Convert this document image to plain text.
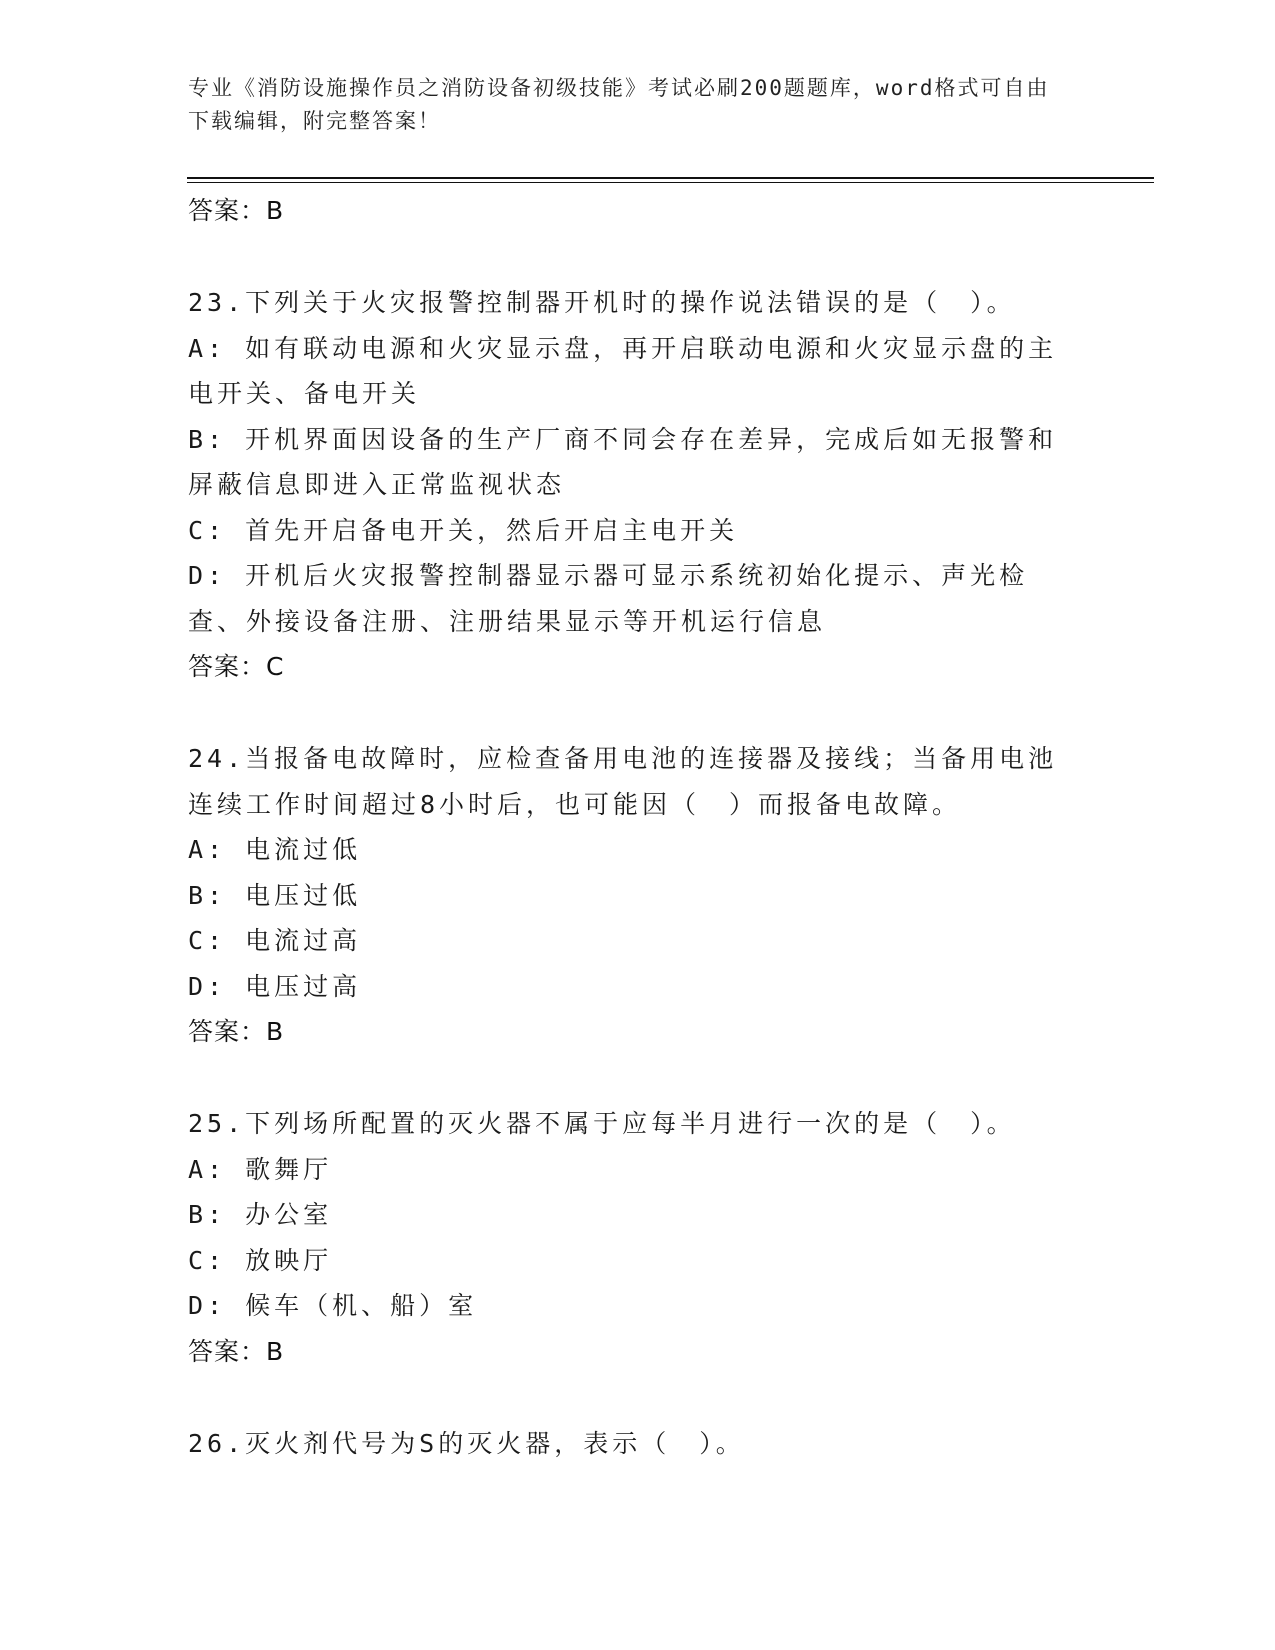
专业《消防设施操作员之消防设备初级技能》考试必刷200题题库，word格式可自由下载编辑，附完整答案！

答案：B

23.下列关于火灾报警控制器开机时的操作说法错误的是（　）。

A: 如有联动电源和火灾显示盘，再开启联动电源和火灾显示盘的主电开关、备电开关

B: 开机界面因设备的生产厂商不同会存在差异，完成后如无报警和屏蔽信息即进入正常监视状态

C: 首先开启备电开关，然后开启主电开关

D: 开机后火灾报警控制器显示器可显示系统初始化提示、声光检查、外接设备注册、注册结果显示等开机运行信息

答案：C

24.当报备电故障时，应检查备用电池的连接器及接线；当备用电池连续工作时间超过8小时后，也可能因（　）而报备电故障。

A: 电流过低

B: 电压过低

C: 电流过高

D: 电压过高

答案：B

25.下列场所配置的灭火器不属于应每半月进行一次的是（　）。

A: 歌舞厅

B: 办公室

C: 放映厅

D: 候车（机、船）室

答案：B

26.灭火剂代号为S的灭火器，表示（　）。
